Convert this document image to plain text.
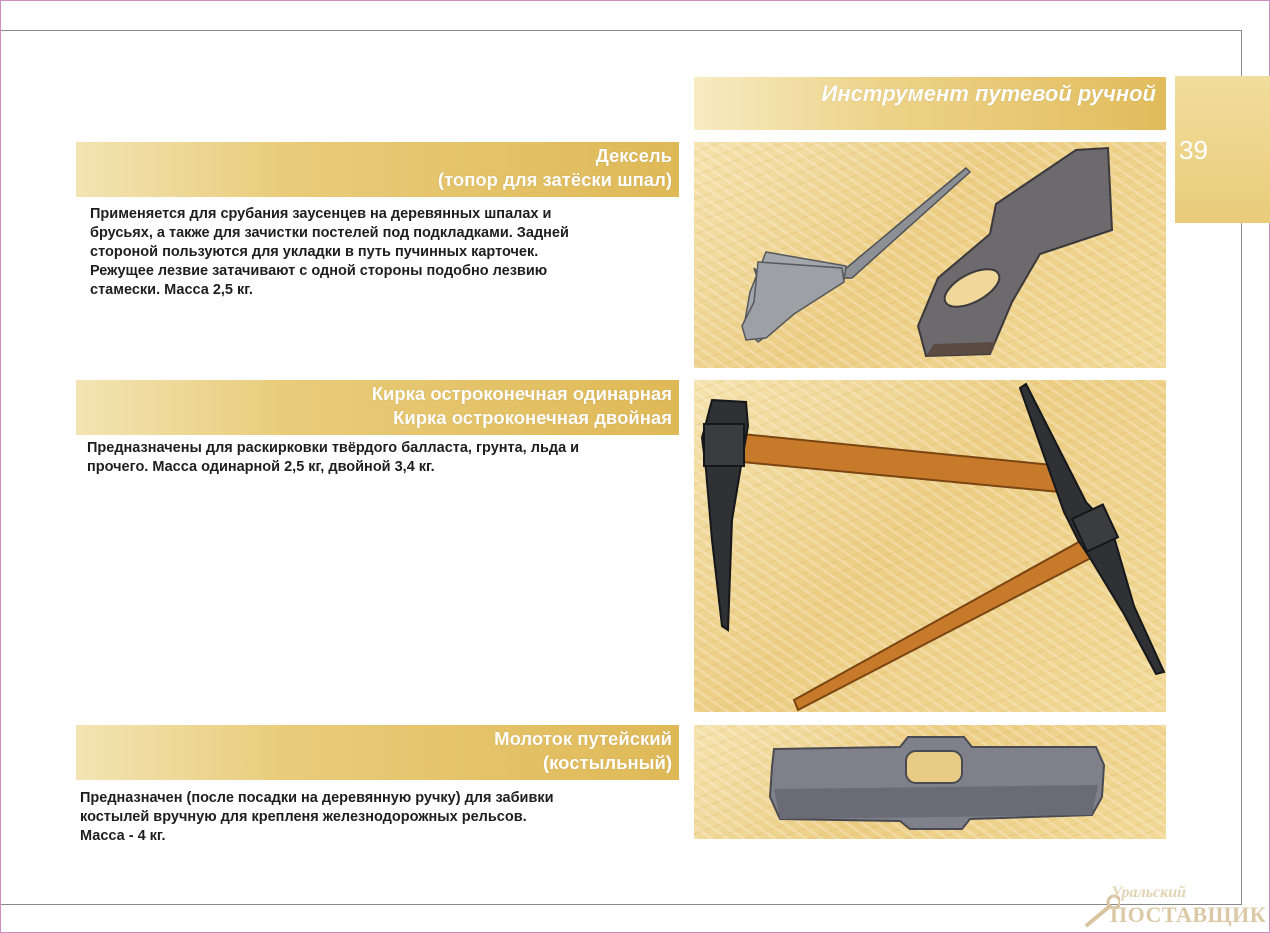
Инструмент путевой ручной
39
Дексель
(топор для затёски шпал)
Применяется для срубания заусенцев на деревянных шпалах и
брусьях, а также для зачистки постелей под подкладками. Задней
стороной пользуются для укладки в путь пучинных карточек.
Режущее лезвие затачивают с одной стороны подобно лезвию
стамески. Масса 2,5 кг.
Кирка остроконечная одинарная
Кирка остроконечная двойная
Предназначены для раскирковки твёрдого балласта, грунта, льда и
прочего. Масса одинарной 2,5 кг, двойной 3,4 кг.
Молоток путейский
(костыльный)
Предназначен (после посадки на деревянную ручку) для забивки
костылей вручную для крепленя железнодорожных рельсов.
Масса - 4 кг.
Уральский
ПОСТАВЩИК
